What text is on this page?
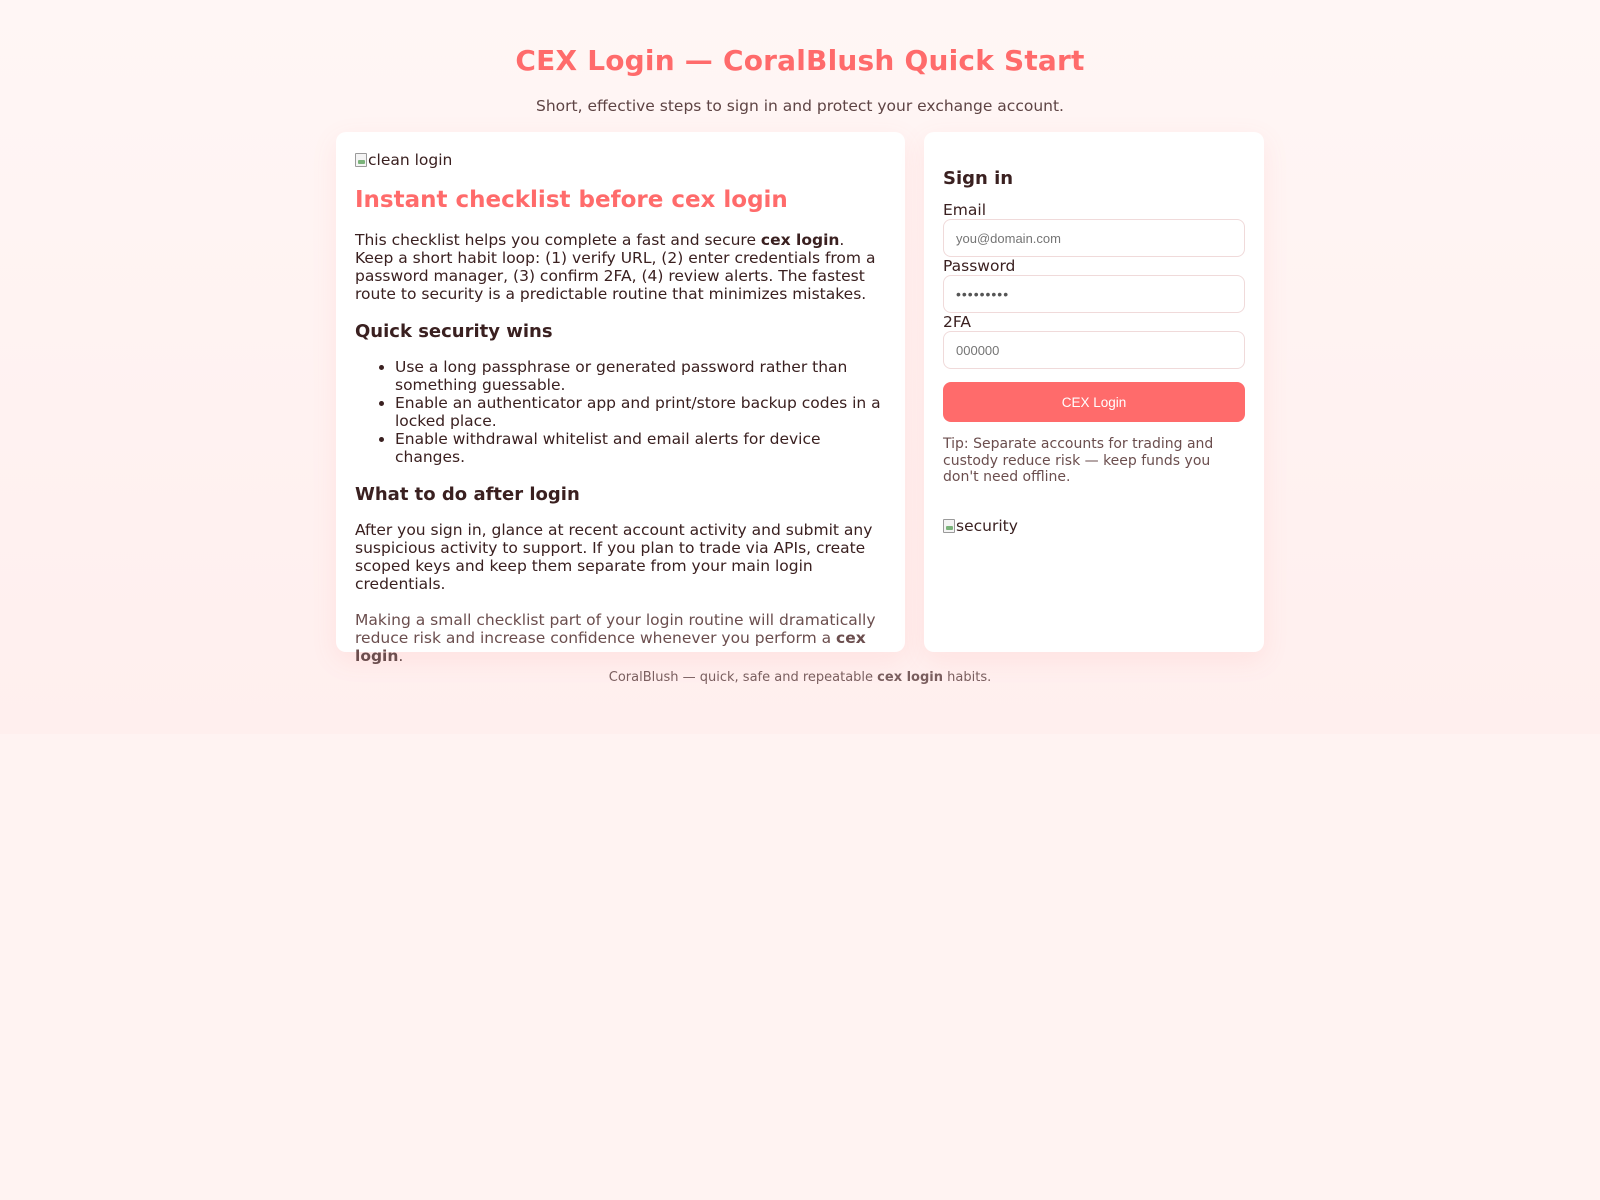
CEX Login — CoralBlush Quick Start

Short, effective steps to sign in and protect your exchange account.

clean login
Instant checklist before cex login

This checklist helps you complete a fast and secure cex login. Keep a short habit loop: (1) verify URL, (2) enter credentials from a password manager, (3) confirm 2FA, (4) review alerts. The fastest route to security is a predictable routine that minimizes mistakes.

Quick security wins
• Use a long passphrase or generated password rather than something guessable.
• Enable an authenticator app and print/store backup codes in a locked place.
• Enable withdrawal whitelist and email alerts for device changes.
What to do after login

After you sign in, glance at recent account activity and submit any suspicious activity to support. If you plan to trade via APIs, create scoped keys and keep them separate from your main login credentials.

Making a small checklist part of your login routine will dramatically reduce risk and increase confidence whenever you perform a cex login.

Sign in
Email
you@domain.com
Password
•••••••••
2FA
000000
CEX Login

Tip: Separate accounts for trading and custody reduce risk — keep funds you don't need offline.

security

CoralBlush — quick, safe and repeatable cex login habits.
